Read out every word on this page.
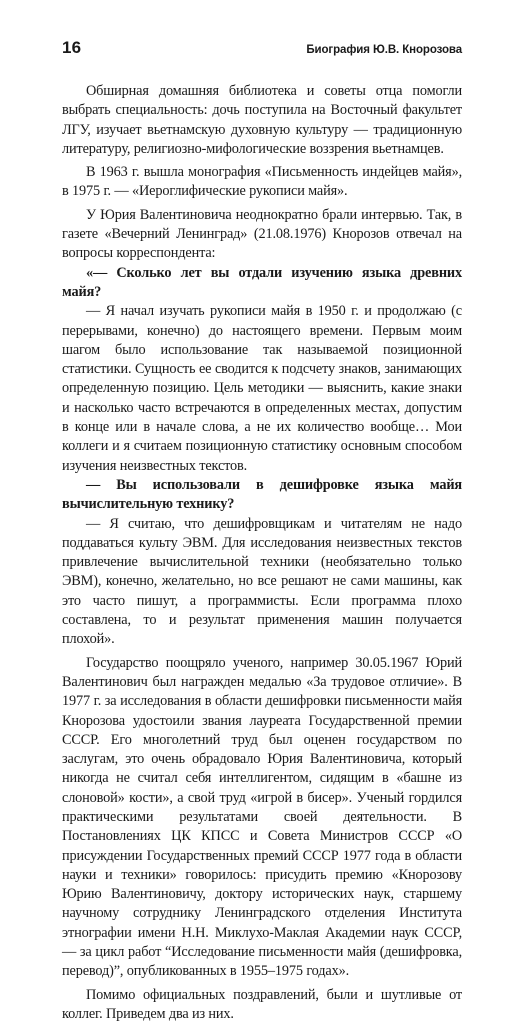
16	Биография Ю.В. Кнорозова

Обширная домашняя библиотека и советы отца помогли выбрать специальность: дочь поступила на Восточный факультет ЛГУ, изучает вьетнамскую духовную культуру — традиционную литературу, религиозно-мифологические воззрения вьетнамцев.

В 1963 г. вышла монография «Письменность индейцев майя», в 1975 г. — «Иероглифические рукописи майя».

У Юрия Валентиновича неоднократно брали интервью. Так, в газете «Вечерний Ленинград» (21.08.1976) Кнорозов отвечал на вопросы корреспондента:

«— Сколько лет вы отдали изучению языка древних майя?

— Я начал изучать рукописи майя в 1950 г. и продолжаю (с перерывами, конечно) до настоящего времени. Первым моим шагом было использование так называемой позиционной статистики. Сущность ее сводится к подсчету знаков, занимающих определенную позицию. Цель методики — выяснить, какие знаки и насколько часто встречаются в определенных местах, допустим в конце или в начале слова, а не их количество вообще… Мои коллеги и я считаем позиционную статистику основным способом изучения неизвестных текстов.

— Вы использовали в дешифровке языка майя вычислительную технику?

— Я считаю, что дешифровщикам и читателям не надо поддаваться культу ЭВМ. Для исследования неизвестных текстов привлечение вычислительной техники (необязательно только ЭВМ), конечно, желательно, но все решают не сами машины, как это часто пишут, а программисты. Если программа плохо составлена, то и результат применения машин получается плохой».

Государство поощряло ученого, например 30.05.1967 Юрий Валентинович был награжден медалью «За трудовое отличие». В 1977 г. за исследования в области дешифровки письменности майя Кнорозова удостоили звания лауреата Государственной премии СССР. Его многолетний труд был оценен государством по заслугам, это очень обрадовало Юрия Валентиновича, который никогда не считал себя интеллигентом, сидящим в «башне из слоновой» кости», а свой труд «игрой в бисер». Ученый гордился практическими результатами своей деятельности. В Постановлениях ЦК КПСС и Совета Министров СССР «О присуждении Государственных премий СССР 1977 года в области науки и техники» говорилось: присудить премию «Кнорозову Юрию Валентиновичу, доктору исторических наук, старшему научному сотруднику Ленинградского отделения Института этнографии имени Н.Н. Миклухо-Маклая Академии наук СССР, — за цикл работ “Исследование письменности майя (дешифровка, перевод)”, опубликованных в 1955–1975 годах».

Помимо официальных поздравлений, были и шутливые от коллег. Приведем два из них.
